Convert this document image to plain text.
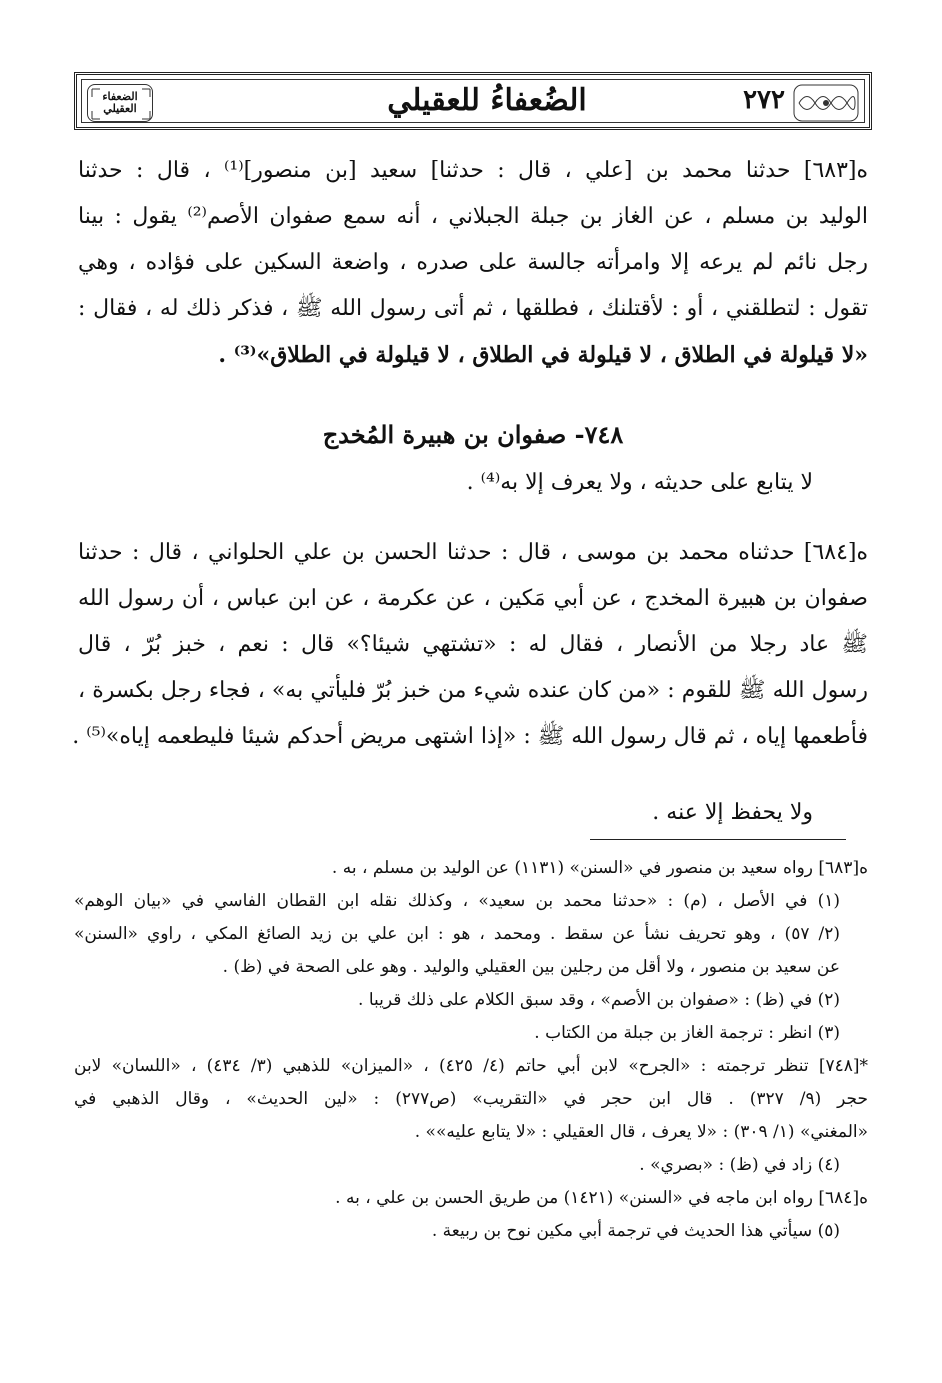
٢٧٢
الضُعفاءُ للعقيلي
الضعفاء
العقيلي
ه[٦٨٣] حدثنا محمد بن [علي ، قال : حدثنا] سعيد [بن منصور]⁽¹⁾ ، قال : حدثنا
الوليد بن مسلم ، عن الغاز بن جبلة الجبلاني ، أنه سمع صفوان الأصم⁽²⁾ يقول : بينا
رجل نائم لم يرعه إلا وامرأته جالسة على صدره ، واضعة السكين على فؤاده ، وهي
تقول : لتطلقني ، أو : لأقتلنك ، فطلقها ، ثم أتى رسول الله ﷺ ، فذكر ذلك له ، فقال :
«لا قيلولة في الطلاق ، لا قيلولة في الطلاق ، لا قيلولة في الطلاق»⁽³⁾ .
٧٤٨- صفوان بن هبيرة المُخدج
لا يتابع على حديثه ، ولا يعرف إلا به⁽⁴⁾ .
ه[٦٨٤] حدثناه محمد بن موسى ، قال : حدثنا الحسن بن علي الحلواني ، قال : حدثنا
صفوان بن هبيرة المخدج ، عن أبي مَكين ، عن عكرمة ، عن ابن عباس ، أن رسول الله
ﷺ عاد رجلا من الأنصار ، فقال له : «تشتهي شيئا؟» قال : نعم ، خبز بُرّ ، قال
رسول الله ﷺ للقوم : «من كان عنده شيء من خبز بُرّ فليأتي به» ، فجاء رجل بكسرة ،
فأطعمها إياه ، ثم قال رسول الله ﷺ : «إذا اشتهى مريض أحدكم شيئا فليطعمه إياه»⁽⁵⁾ .
ولا يحفظ إلا عنه .
ه[٦٨٣] رواه سعيد بن منصور في «السنن» (١١٣١) عن الوليد بن مسلم ، به .
(١) في الأصل ، (م) : «حدثنا محمد بن سعيد» ، وكذلك نقله ابن القطان الفاسي في «بيان الوهم»
(٢/ ٥٧) ، وهو تحريف نشأ عن سقط . ومحمد ، هو : ابن علي بن زيد الصائغ المكي ، راوي «السنن»
عن سعيد بن منصور ، ولا أقل من رجلين بين العقيلي والوليد . وهو على الصحة في (ظ) .
(٢) في (ظ) : «صفوان بن الأصم» ، وقد سبق الكلام على ذلك قريبا .
(٣) انظر : ترجمة الغاز بن جبلة من الكتاب .
*[٧٤٨] تنظر ترجمته : «الجرح» لابن أبي حاتم (٤/ ٤٢٥) ، «الميزان» للذهبي (٣/ ٤٣٤) ، «اللسان» لابن
حجر (٩/ ٣٢٧) . قال ابن حجر في «التقريب» (ص٢٧٧) : «لين الحديث» ، وقال الذهبي في
«المغني» (١/ ٣٠٩) : «لا يعرف ، قال العقيلي : «لا يتابع عليه»» .
(٤) زاد في (ظ) : «بصري» .
ه[٦٨٤] رواه ابن ماجه في «السنن» (١٤٢١) من طريق الحسن بن علي ، به .
(٥) سيأتي هذا الحديث في ترجمة أبي مكين نوح بن ربيعة .
